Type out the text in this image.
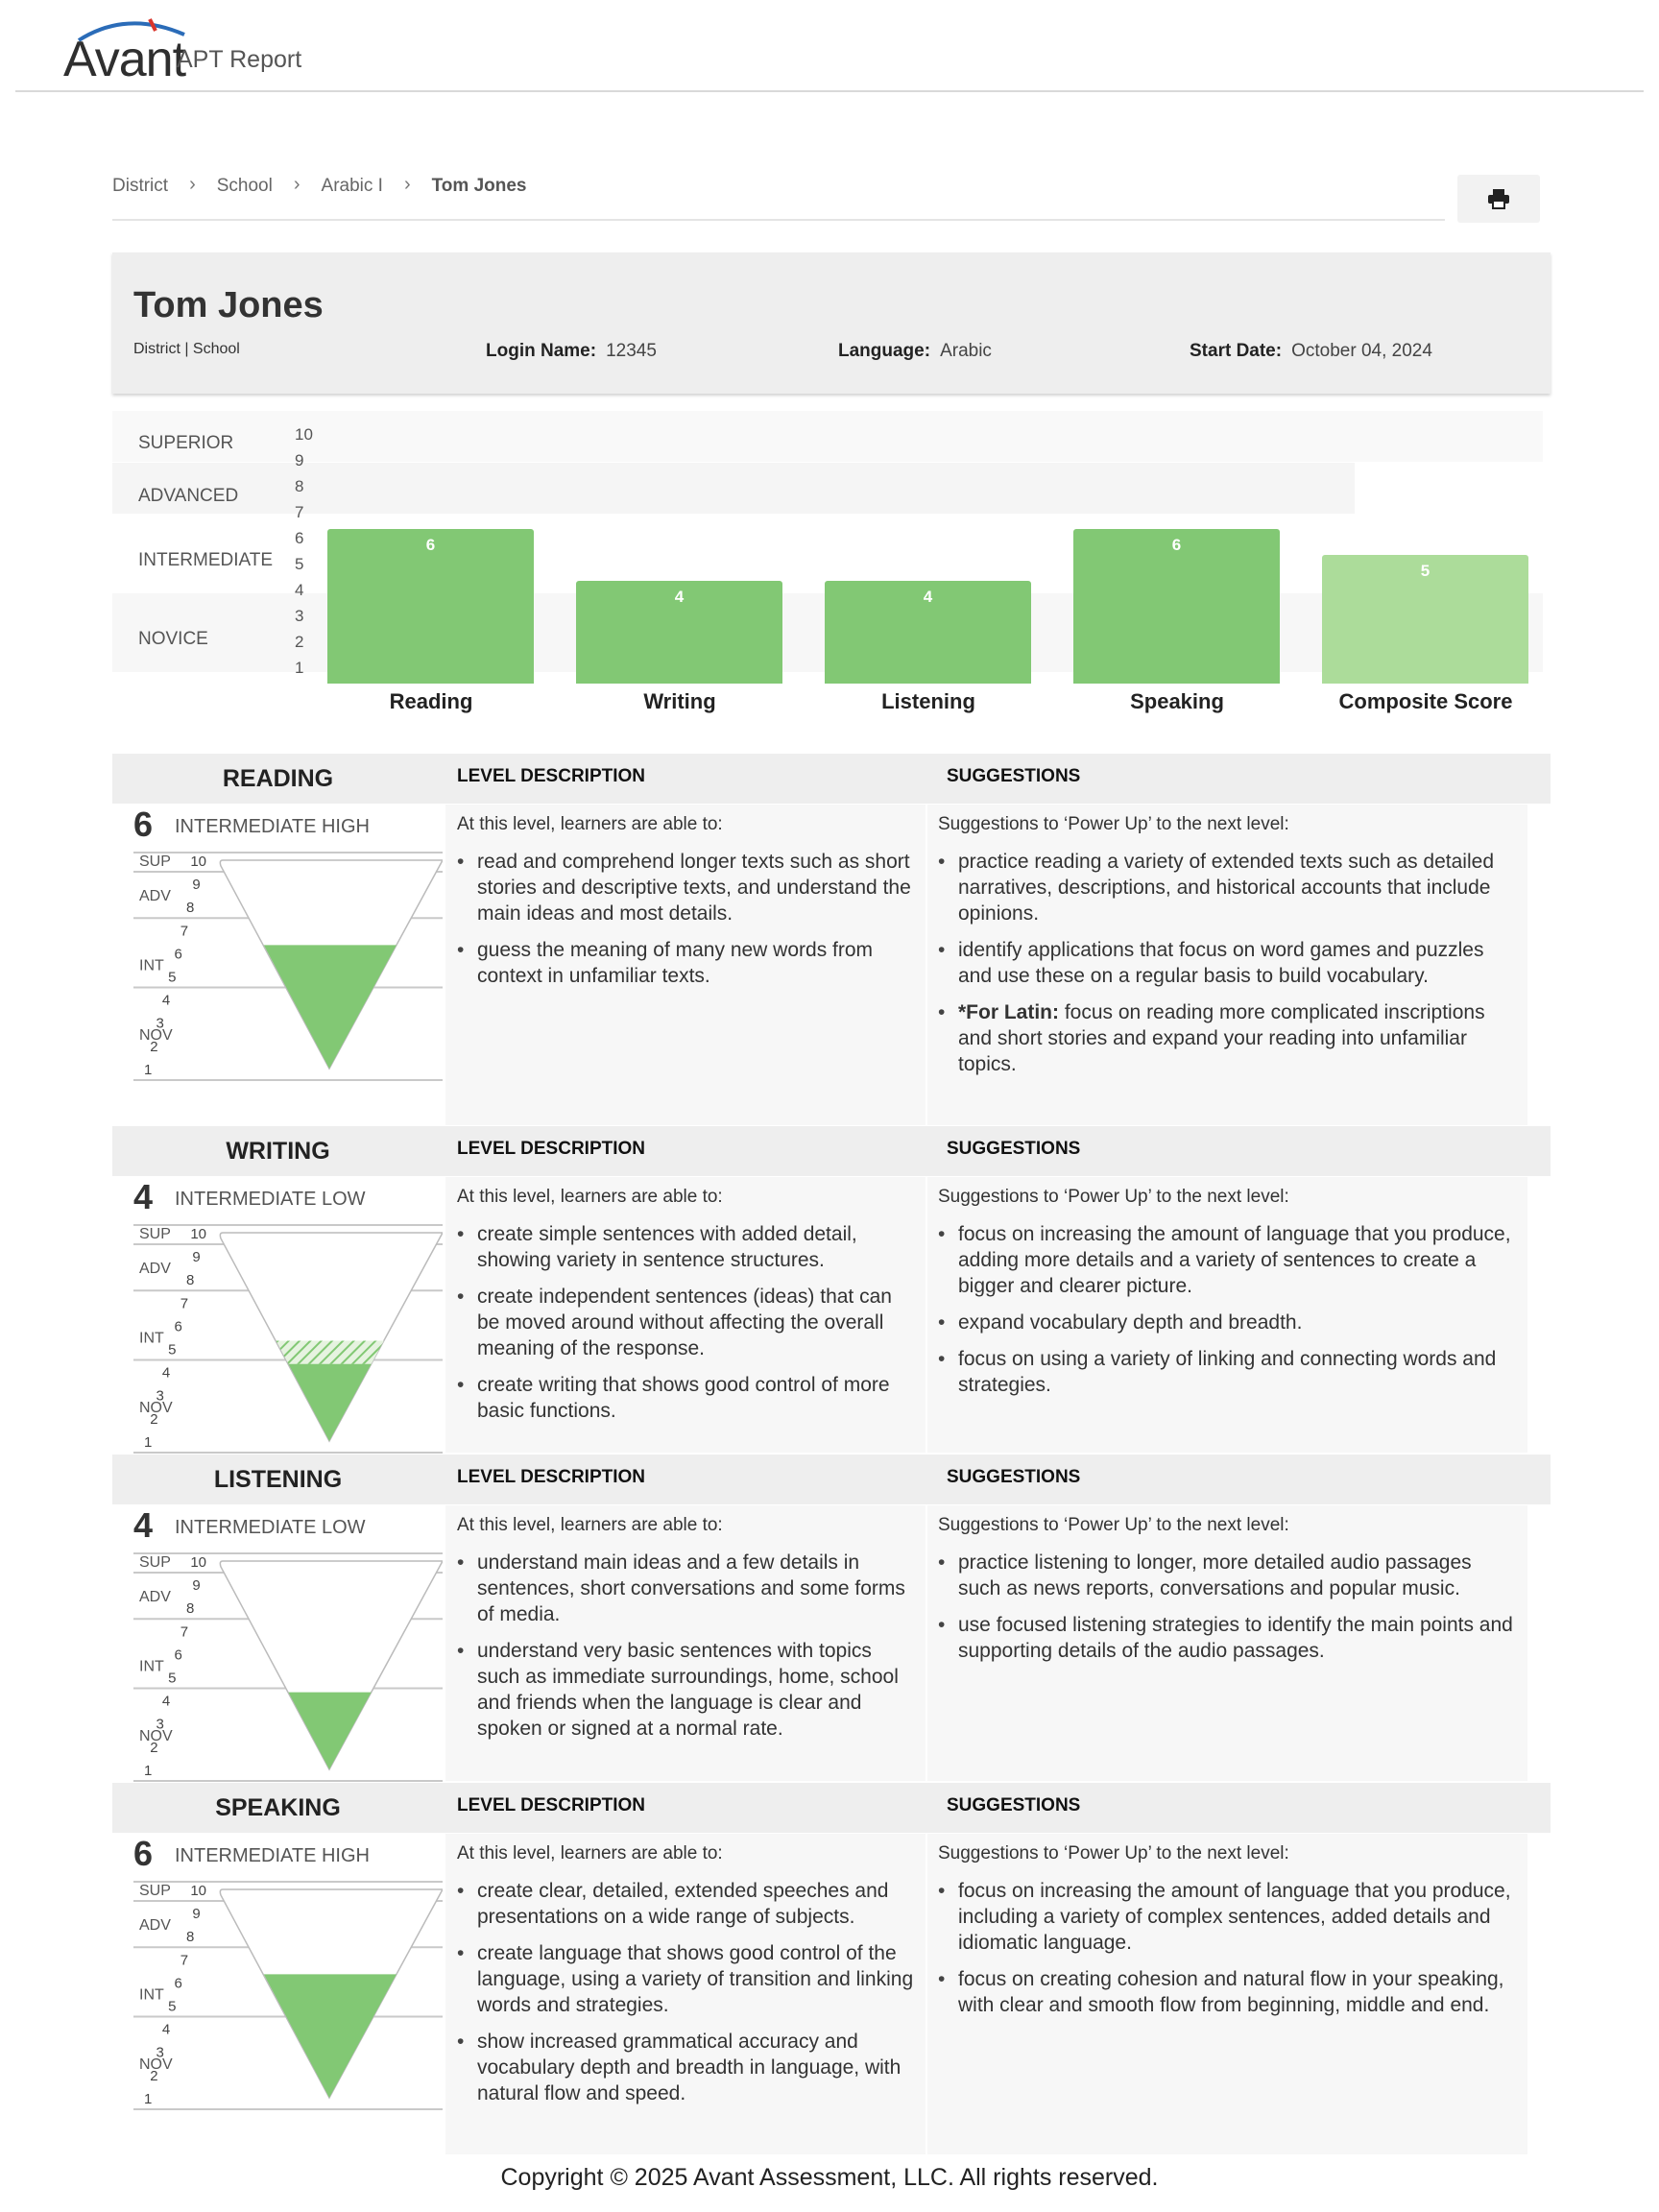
Avant
APT Report
District › School › Arabic I › Tom Jones
Tom Jones
District | School	Login Name: 12345	Language: Arabic	Start Date: October 04, 2024
SUPERIOR
ADVANCED
INTERMEDIATE
NOVICE
10
9
8
7
6
5
4
3
2
1
6
Reading
4
Writing
4
Listening
6
Speaking
5
Composite Score
READING	LEVEL DESCRIPTION	SUGGESTIONS
6 INTERMEDIATE HIGH
10
9
8
7
6
5
4
3
2
1
SUP
ADV
INT
NOV
At this level, learners are able to:
• read and comprehend longer texts such as short stories and descriptive texts, and understand the main ideas and most details.
• guess the meaning of many new words from context in unfamiliar texts.
Suggestions to ‘Power Up’ to the next level:
• practice reading a variety of extended texts such as detailed narratives, descriptions, and historical accounts that include opinions.
• identify applications that focus on word games and puzzles and use these on a regular basis to build vocabulary.
• *For Latin: focus on reading more complicated inscriptions and short stories and expand your reading into unfamiliar topics.
WRITING	LEVEL DESCRIPTION	SUGGESTIONS
4 INTERMEDIATE LOW
10
9
8
7
6
5
4
3
2
1
SUP
ADV
INT
NOV
At this level, learners are able to:
• create simple sentences with added detail, showing variety in sentence structures.
• create independent sentences (ideas) that can be moved around without affecting the overall meaning of the response.
• create writing that shows good control of more basic functions.
Suggestions to ‘Power Up’ to the next level:
• focus on increasing the amount of language that you produce, adding more details and a variety of sentences to create a bigger and clearer picture.
• expand vocabulary depth and breadth.
• focus on using a variety of linking and connecting words and strategies.
LISTENING	LEVEL DESCRIPTION	SUGGESTIONS
4 INTERMEDIATE LOW
10
9
8
7
6
5
4
3
2
1
SUP
ADV
INT
NOV
At this level, learners are able to:
• understand main ideas and a few details in sentences, short conversations and some forms of media.
• understand very basic sentences with topics such as immediate surroundings, home, school and friends when the language is clear and spoken or signed at a normal rate.
Suggestions to ‘Power Up’ to the next level:
• practice listening to longer, more detailed audio passages such as news reports, conversations and popular music.
• use focused listening strategies to identify the main points and supporting details of the audio passages.
SPEAKING	LEVEL DESCRIPTION	SUGGESTIONS
6 INTERMEDIATE HIGH
10
9
8
7
6
5
4
3
2
1
SUP
ADV
INT
NOV
At this level, learners are able to:
• create clear, detailed, extended speeches and presentations on a wide range of subjects.
• create language that shows good control of the language, using a variety of transition and linking words and strategies.
• show increased grammatical accuracy and vocabulary depth and breadth in language, with natural flow and speed.
Suggestions to ‘Power Up’ to the next level:
• focus on increasing the amount of language that you produce, including a variety of complex sentences, added details and idiomatic language.
• focus on creating cohesion and natural flow in your speaking, with clear and smooth flow from beginning, middle and end.
Copyright © 2025 Avant Assessment, LLC. All rights reserved.
